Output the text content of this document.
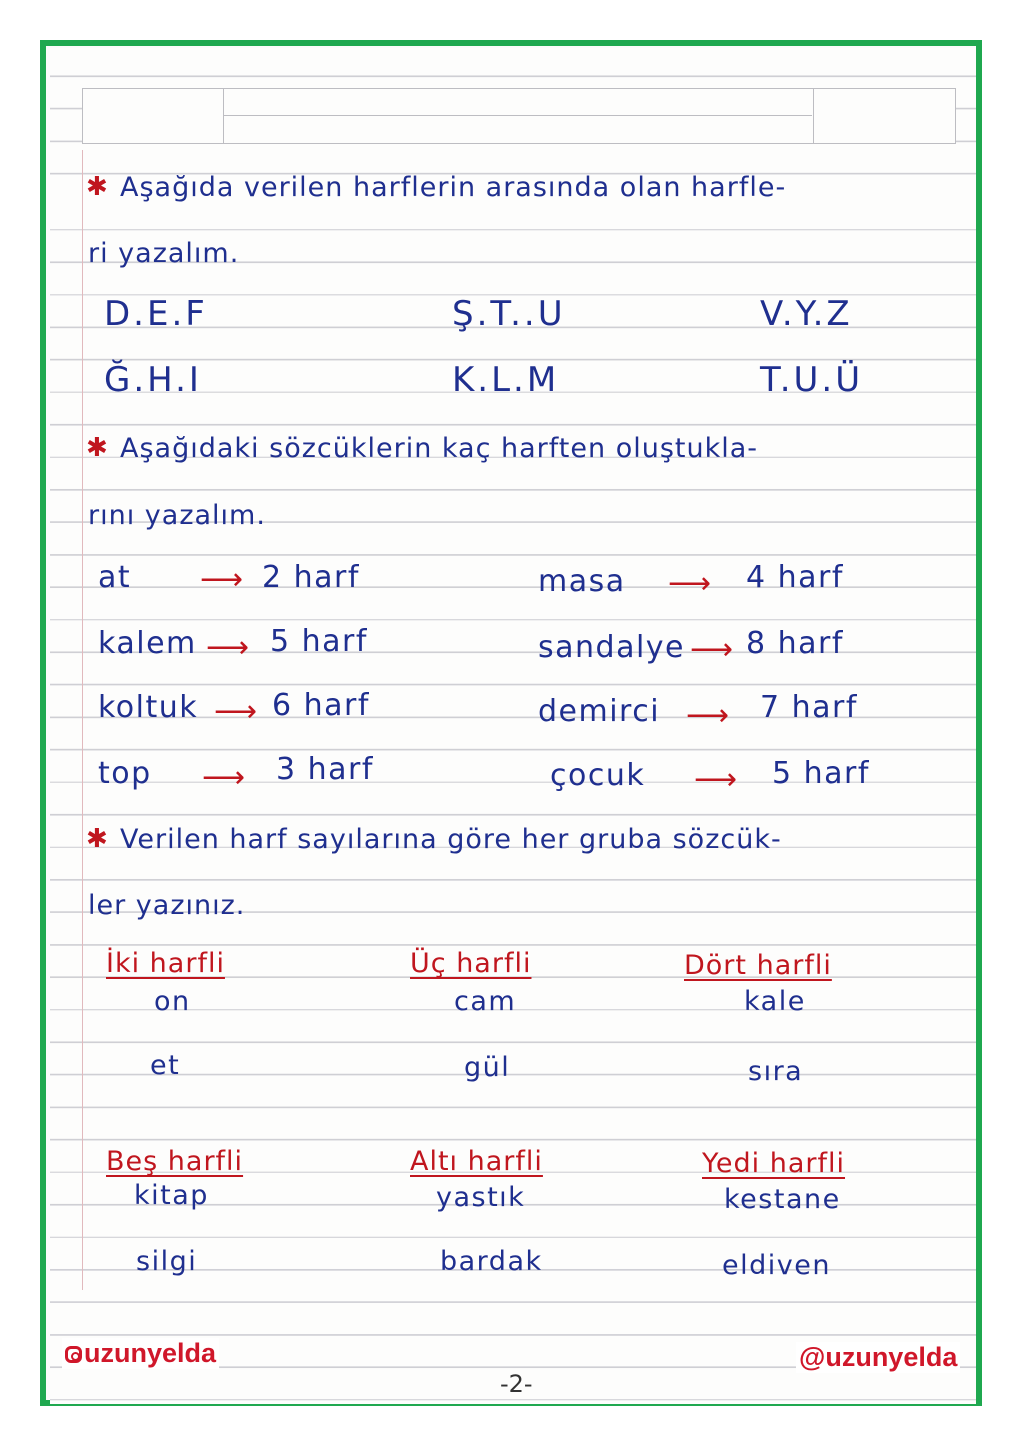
✱ Aşağıda verilen harflerin arasında olan harfle-
ri yazalım.
D.E.F	Ş.T..U	V.Y.Z
Ğ.H.I	K.L.M	T.U.Ü
✱ Aşağıdaki sözcüklerin kaç harften oluştukla-
rını yazalım.
at ⟶ 2 harf	masa ⟶ 4 harf
kalem ⟶ 5 harf	sandalye ⟶ 8 harf
koltuk ⟶ 6 harf	demirci ⟶ 7 harf
top ⟶ 3 harf	çocuk ⟶ 5 harf
✱ Verilen harf sayılarına göre her gruba sözcük-
ler yazınız.
İki harfli	Üç harfli	Dört harfli
on	cam	kale
et	gül	sıra
Beş harfli	Altı harfli	Yedi harfli
kitap	yastık	kestane
silgi	bardak	eldiven
uzunyelda	@uzunyelda
-2-
